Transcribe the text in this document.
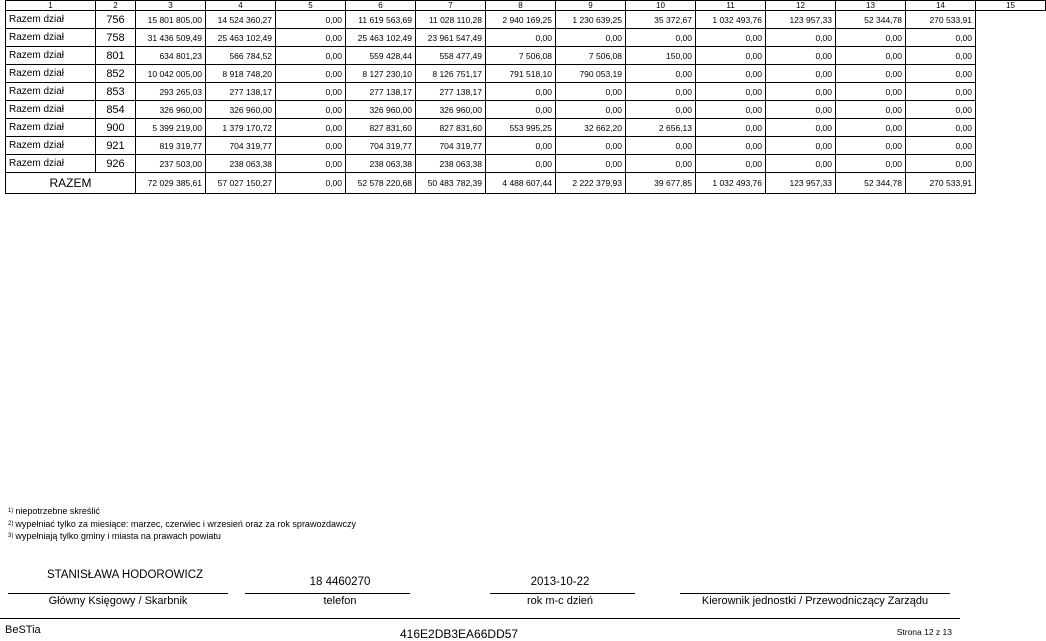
1	2	3	4	5	6	7	8	9	10	11	12	13	14	15
Razem dział	756	15 801 805,00	14 524 360,27	0,00	11 619 563,69	11 028 110,28	2 940 169,25	1 230 639,25	35 372,67	1 032 493,76	123 957,33	52 344,78	270 533,91	
Razem dział	758	31 436 509,49	25 463 102,49	0,00	25 463 102,49	23 961 547,49	0,00	0,00	0,00	0,00	0,00	0,00	0,00	
Razem dział	801	634 801,23	566 784,52	0,00	559 428,44	558 477,49	7 506,08	7 506,08	150,00	0,00	0,00	0,00	0,00	
Razem dział	852	10 042 005,00	8 918 748,20	0,00	8 127 230,10	8 126 751,17	791 518,10	790 053,19	0,00	0,00	0,00	0,00	0,00	
Razem dział	853	293 265,03	277 138,17	0,00	277 138,17	277 138,17	0,00	0,00	0,00	0,00	0,00	0,00	0,00	
Razem dział	854	326 960,00	326 960,00	0,00	326 960,00	326 960,00	0,00	0,00	0,00	0,00	0,00	0,00	0,00	
Razem dział	900	5 399 219,00	1 379 170,72	0,00	827 831,60	827 831,60	553 995,25	32 662,20	2 656,13	0,00	0,00	0,00	0,00	
Razem dział	921	819 319,77	704 319,77	0,00	704 319,77	704 319,77	0,00	0,00	0,00	0,00	0,00	0,00	0,00	
Razem dział	926	237 503,00	238 063,38	0,00	238 063,38	238 063,38	0,00	0,00	0,00	0,00	0,00	0,00	0,00	
RAZEM		72 029 385,61	57 027 150,27	0,00	52 578 220,68	50 483 782,39	4 488 607,44	2 222 379,93	39 677,85	1 032 493,76	123 957,33	52 344,78	270 533,91	
$^{1)}$ niepotrzebne skreślić
$^{2)}$ wypełniać tylko za miesiące: marzec, czerwiec i wrzesień oraz za rok sprawozdawczy
$^{3)}$ wypełniają tylko gminy i miasta na prawach powiatu
STANISŁAWA HODOROWICZ
18 4460270	2013-10-22
Główny Księgowy / Skarbnik	telefon	rok m-c dzień	Kierownik jednostki / Przewodniczący Zarządu
BeSTia	416E2DB3EA66DD57	Strona 12 z 13
